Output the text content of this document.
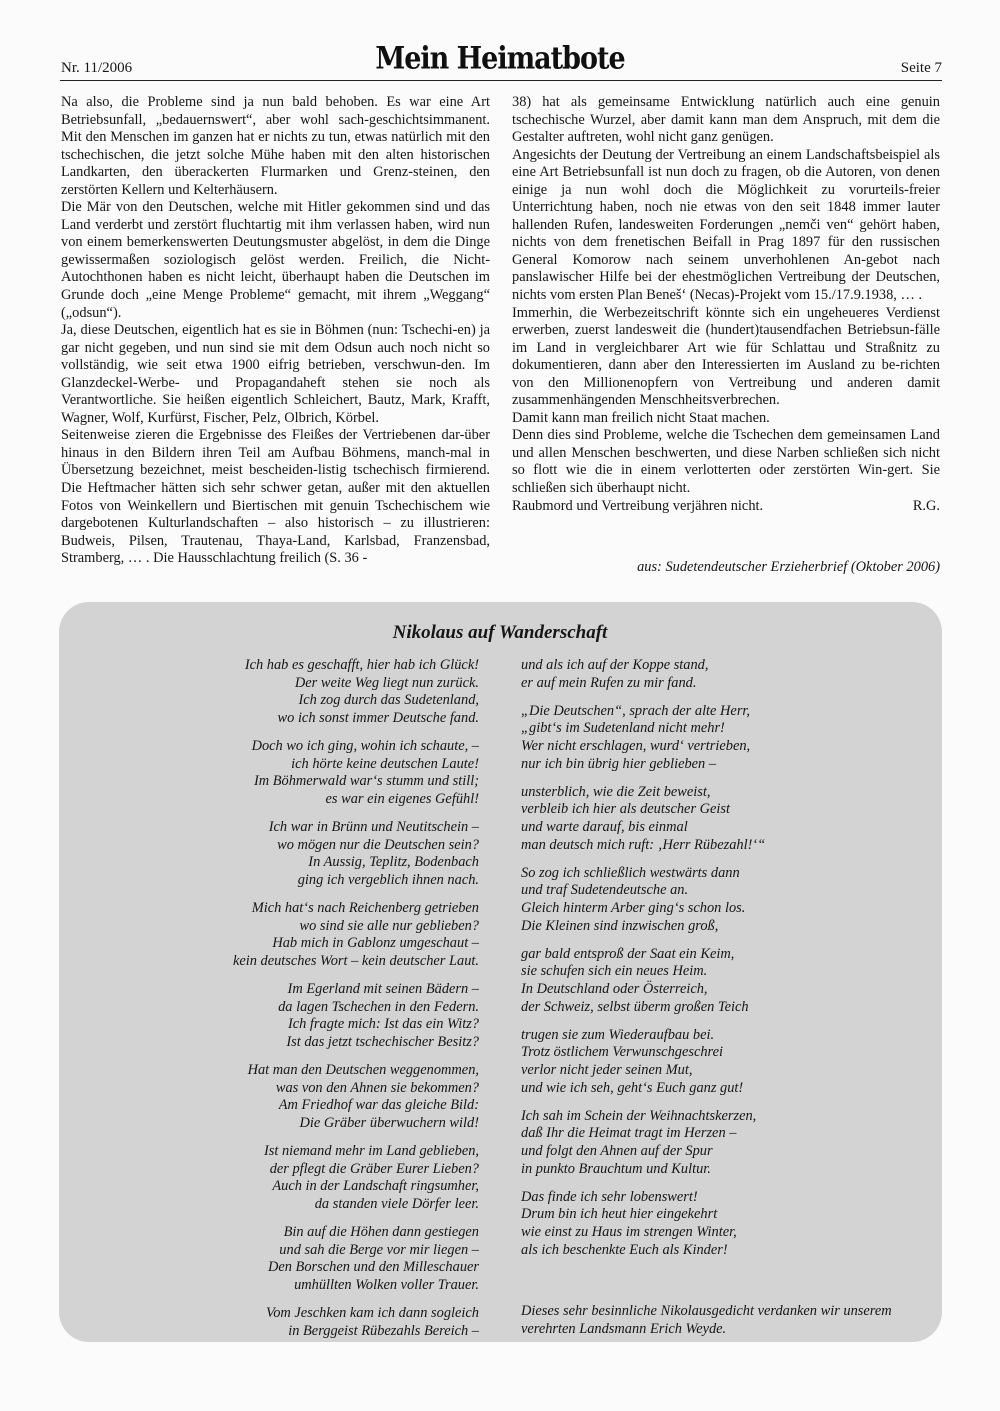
Nr. 11/2006	Mein Heimatbote	Seite 7

Na also, die Probleme sind ja nun bald behoben. Es war eine Art Betriebsunfall, „bedauernswert“, aber wohl sach-geschichtsimmanent. Mit den Menschen im ganzen hat er nichts zu tun, etwas natürlich mit den tschechischen, die jetzt solche Mühe haben mit den alten historischen Landkarten, den überackerten Flurmarken und Grenz-steinen, den zerstörten Kellern und Kelterhäusern.

Die Mär von den Deutschen, welche mit Hitler gekommen sind und das Land verderbt und zerstört fluchtartig mit ihm verlassen haben, wird nun von einem bemerkenswerten Deutungsmuster abgelöst, in dem die Dinge gewissermaßen soziologisch gelöst werden. Freilich, die Nicht-Autochthonen haben es nicht leicht, überhaupt haben die Deutschen im Grunde doch „eine Menge Probleme“ gemacht, mit ihrem „Weggang“ („odsun“).

Ja, diese Deutschen, eigentlich hat es sie in Böhmen (nun: Tschechi-en) ja gar nicht gegeben, und nun sind sie mit dem Odsun auch noch nicht so vollständig, wie seit etwa 1900 eifrig betrieben, verschwun-den. Im Glanzdeckel-Werbe- und Propagandaheft stehen sie noch als Verantwortliche. Sie heißen eigentlich Schleichert, Bautz, Mark, Krafft, Wagner, Wolf, Kurfürst, Fischer, Pelz, Olbrich, Körbel.

Seitenweise zieren die Ergebnisse des Fleißes der Vertriebenen dar-über hinaus in den Bildern ihren Teil am Aufbau Böhmens, manch-mal in Übersetzung bezeichnet, meist bescheiden-listig tschechisch firmierend. Die Heftmacher hätten sich sehr schwer getan, außer mit den aktuellen Fotos von Weinkellern und Biertischen mit genuin Tschechischem wie dargebotenen Kulturlandschaften – also historisch – zu illustrieren: Budweis, Pilsen, Trautenau, Thaya-Land, Karlsbad, Franzensbad, Stramberg, … . Die Hausschlachtung freilich (S. 36 -

38) hat als gemeinsame Entwicklung natürlich auch eine genuin tschechische Wurzel, aber damit kann man dem Anspruch, mit dem die Gestalter auftreten, wohl nicht ganz genügen.

Angesichts der Deutung der Vertreibung an einem Landschaftsbeispiel als eine Art Betriebsunfall ist nun doch zu fragen, ob die Autoren, von denen einige ja nun wohl doch die Möglichkeit zu vorurteils-freier Unterrichtung haben, noch nie etwas von den seit 1848 immer lauter hallenden Rufen, landesweiten Forderungen „nemči ven“ gehört haben, nichts von dem frenetischen Beifall in Prag 1897 für den russischen General Komorow nach seinem unverhohlenen An-gebot nach panslawischer Hilfe bei der ehestmöglichen Vertreibung der Deutschen, nichts vom ersten Plan Beneš‘ (Necas)-Projekt vom 15./17.9.1938, … .

Immerhin, die Werbezeitschrift könnte sich ein ungeheueres Verdienst erwerben, zuerst landesweit die (hundert)tausendfachen Betriebsun-fälle im Land in vergleichbarer Art wie für Schlattau und Straßnitz zu dokumentieren, dann aber den Interessierten im Ausland zu be-richten von den Millionenopfern von Vertreibung und anderen damit zusammenhängenden Menschheitsverbrechen.

Damit kann man freilich nicht Staat machen.

Denn dies sind Probleme, welche die Tschechen dem gemeinsamen Land und allen Menschen beschwerten, und diese Narben schließen sich nicht so flott wie die in einem verlotterten oder zerstörten Win-gert. Sie schließen sich überhaupt nicht.

Raubmord und Vertreibung verjähren nicht.	R.G.
aus: Sudetendeutscher Erzieherbrief (Oktober 2006)
Nikolaus auf Wanderschaft
Ich hab es geschafft, hier hab ich Glück!
Der weite Weg liegt nun zurück.
Ich zog durch das Sudetenland,
wo ich sonst immer Deutsche fand.
Doch wo ich ging, wohin ich schaute, –
ich hörte keine deutschen Laute!
Im Böhmerwald war‘s stumm und still;
es war ein eigenes Gefühl!
Ich war in Brünn und Neutitschein –
wo mögen nur die Deutschen sein?
In Aussig, Teplitz, Bodenbach
ging ich vergeblich ihnen nach.
Mich hat‘s nach Reichenberg getrieben
wo sind sie alle nur geblieben?
Hab mich in Gablonz umgeschaut –
kein deutsches Wort – kein deutscher Laut.
Im Egerland mit seinen Bädern –
da lagen Tschechen in den Federn.
Ich fragte mich: Ist das ein Witz?
Ist das jetzt tschechischer Besitz?
Hat man den Deutschen weggenommen,
was von den Ahnen sie bekommen?
Am Friedhof war das gleiche Bild:
Die Gräber überwuchern wild!
Ist niemand mehr im Land geblieben,
der pflegt die Gräber Eurer Lieben?
Auch in der Landschaft ringsumher,
da standen viele Dörfer leer.
Bin auf die Höhen dann gestiegen
und sah die Berge vor mir liegen –
Den Borschen und den Milleschauer
umhüllten Wolken voller Trauer.
Vom Jeschken kam ich dann sogleich
in Berggeist Rübezahls Bereich –
und als ich auf der Koppe stand,
er auf mein Rufen zu mir fand.
„Die Deutschen“, sprach der alte Herr,
„gibt‘s im Sudetenland nicht mehr!
Wer nicht erschlagen, wurd‘ vertrieben,
nur ich bin übrig hier geblieben –
unsterblich, wie die Zeit beweist,
verbleib ich hier als deutscher Geist
und warte darauf, bis einmal
man deutsch mich ruft: ‚Herr Rübezahl!‘“
So zog ich schließlich westwärts dann
und traf Sudetendeutsche an.
Gleich hinterm Arber ging‘s schon los.
Die Kleinen sind inzwischen groß,
gar bald entsproß der Saat ein Keim,
sie schufen sich ein neues Heim.
In Deutschland oder Österreich,
der Schweiz, selbst überm großen Teich
trugen sie zum Wiederaufbau bei.
Trotz östlichem Verwunschgeschrei
verlor nicht jeder seinen Mut,
und wie ich seh, geht‘s Euch ganz gut!
Ich sah im Schein der Weihnachtskerzen,
daß Ihr die Heimat tragt im Herzen –
und folgt den Ahnen auf der Spur
in punkto Brauchtum und Kultur.
Das finde ich sehr lobenswert!
Drum bin ich heut hier eingekehrt
wie einst zu Haus im strengen Winter,
als ich beschenkte Euch als Kinder!
Dieses sehr besinnliche Nikolausgedicht verdanken wir unserem verehrten Landsmann Erich Weyde.
